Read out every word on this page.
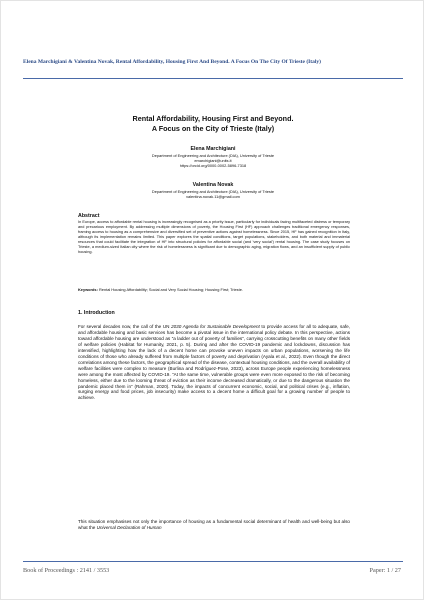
Elena Marchigiani & Valentina Novak, Rental Affordability, Housing First And Beyond. A Focus On The City Of Trieste (Italy)
Rental Affordability, Housing First and Beyond.
A Focus on the City of Trieste (Italy)
Elena Marchigiani
Department of Engineering and Architecture (DIA), University of Trieste
emarchigiani@units.it
https://orcid.org/0000-0002-5896-7318
Valentina Novak
Department of Engineering and Architecture (DIA), University of Trieste
valentina.novak.11@gmail.com
Abstract

In Europe, access to affordable rental housing is increasingly recognised as a priority issue, particularly for individuals facing multifaceted distress or temporary and precarious employment. By addressing multiple dimensions of poverty, the Housing First (HF) approach challenges traditional emergency responses, framing access to housing as a comprehensive and diversified set of preventive actions against homelessness. Since 2015, HF has gained recognition in Italy, although its implementation remains limited. This paper explores the spatial conditions, target populations, stakeholders, and both material and immaterial resources that could facilitate the integration of HF into structural policies for affordable social (and 'very social') rental housing. The case study focuses on Trieste, a medium-sized Italian city where the risk of homelessness is significant due to demographic aging, migration flows, and an insufficient supply of public housing.

Keywords: Rental Housing Affordability; Social and Very Social Housing; Housing First; Trieste.
1. Introduction

For several decades now, the call of the UN 2030 Agenda for Sustainable Development to provide access for all to adequate, safe, and affordable housing and basic services has become a pivotal issue in the international policy debate. In this perspective, actions toward affordable housing are understood as “a ladder out of poverty of families”, carrying crosscutting benefits on many other fields of welfare policies (Habitat for Humanity, 2021, p. 5). During and after the COVID-19 pandemic and lockdowns, discussion has intensified, highlighting how the lack of a decent home can provoke uneven impacts on urban populations, worsening the life conditions of those who already suffered from multiple factors of poverty and deprivation (Ayala et al., 2022). Even though the direct correlations among these factors, the geographical spread of the disease, contextual housing conditions, and the overall availability of welfare facilities were complex to measure (Burlina and Rodríguez-Pose, 2023), across Europe people experiencing homelessness were among the most affected by COVID-19. “At the same time, vulnerable groups were even more exposed to the risk of becoming homeless, either due to the looming threat of eviction as their income decreased dramatically, or due to the dangerous situation the pandemic placed them in” (Rahman, 2020). Today, the impacts of concurrent economic, social, and political crises (e.g., inflation, surging energy and food prices, job insecurity) make access to a decent home a difficult goal for a growing number of people to achieve.

This situation emphasises not only the importance of housing as a fundamental social determinant of health and well-being but also what the Universal Declaration of Human

Book of Proceedings : 2141 / 3553	Paper: 1 / 27
